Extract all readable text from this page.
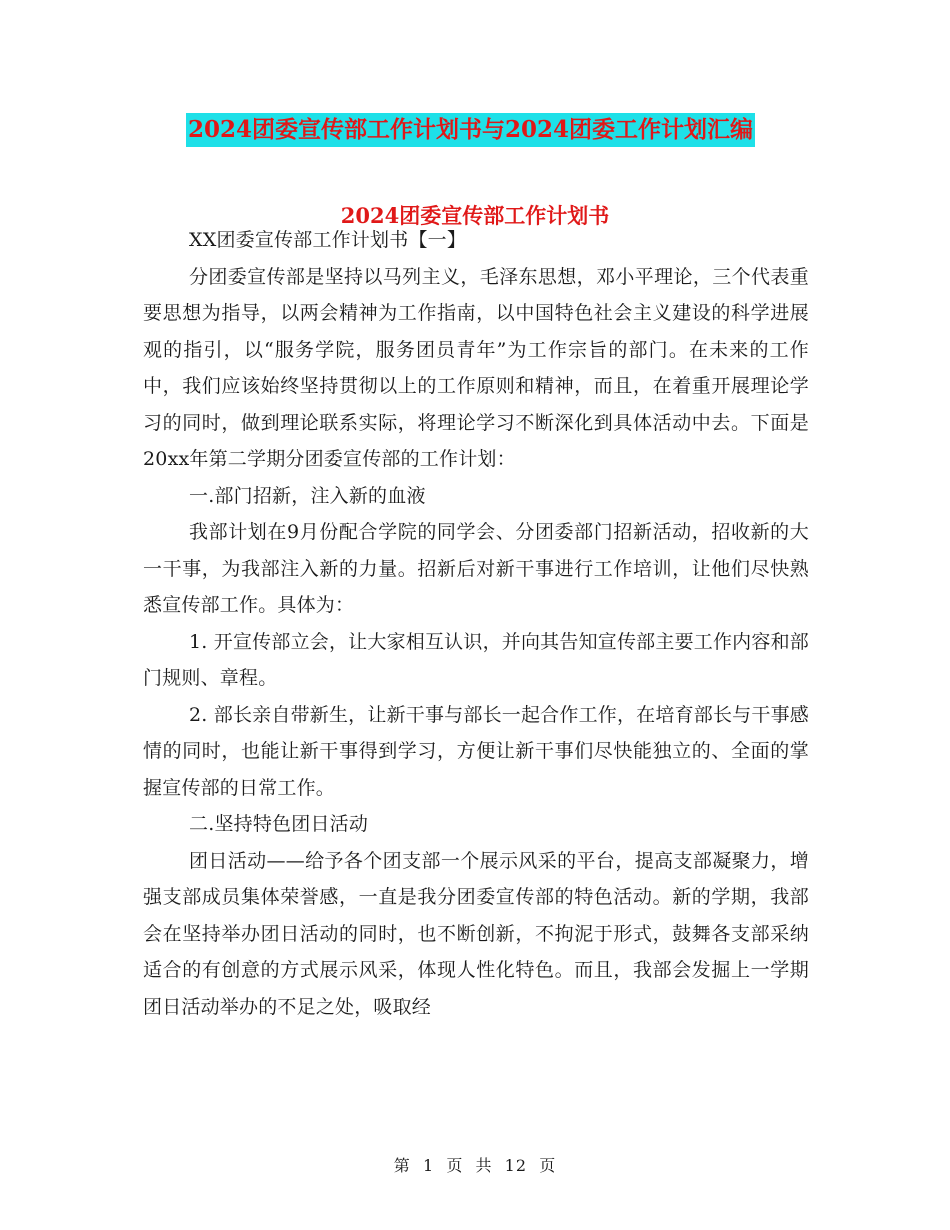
2024团委宣传部工作计划书与2024团委工作计划汇编
2024团委宣传部工作计划书

XX团委宣传部工作计划书【一】

分团委宣传部是坚持以马列主义，毛泽东思想，邓小平理论，三个代表重要思想为指导，以两会精神为工作指南，以中国特色社会主义建设的科学进展观的指引，以“服务学院，服务团员青年”为工作宗旨的部门。在未来的工作中，我们应该始终坚持贯彻以上的工作原则和精神，而且，在着重开展理论学习的同时，做到理论联系实际，将理论学习不断深化到具体活动中去。下面是20xx年第二学期分团委宣传部的工作计划：

一.部门招新，注入新的血液

我部计划在9月份配合学院的同学会、分团委部门招新活动，招收新的大一干事，为我部注入新的力量。招新后对新干事进行工作培训，让他们尽快熟悉宣传部工作。具体为：

1. 开宣传部立会，让大家相互认识，并向其告知宣传部主要工作内容和部门规则、章程。

2. 部长亲自带新生，让新干事与部长一起合作工作，在培育部长与干事感情的同时，也能让新干事得到学习，方便让新干事们尽快能独立的、全面的掌握宣传部的日常工作。

二.坚持特色团日活动

团日活动——给予各个团支部一个展示风采的平台，提高支部凝聚力，增强支部成员集体荣誉感，一直是我分团委宣传部的特色活动。新的学期，我部会在坚持举办团日活动的同时，也不断创新，不拘泥于形式，鼓舞各支部采纳适合的有创意的方式展示风采，体现人性化特色。而且，我部会发掘上一学期团日活动举办的不足之处，吸取经

第  1  页  共  12  页
